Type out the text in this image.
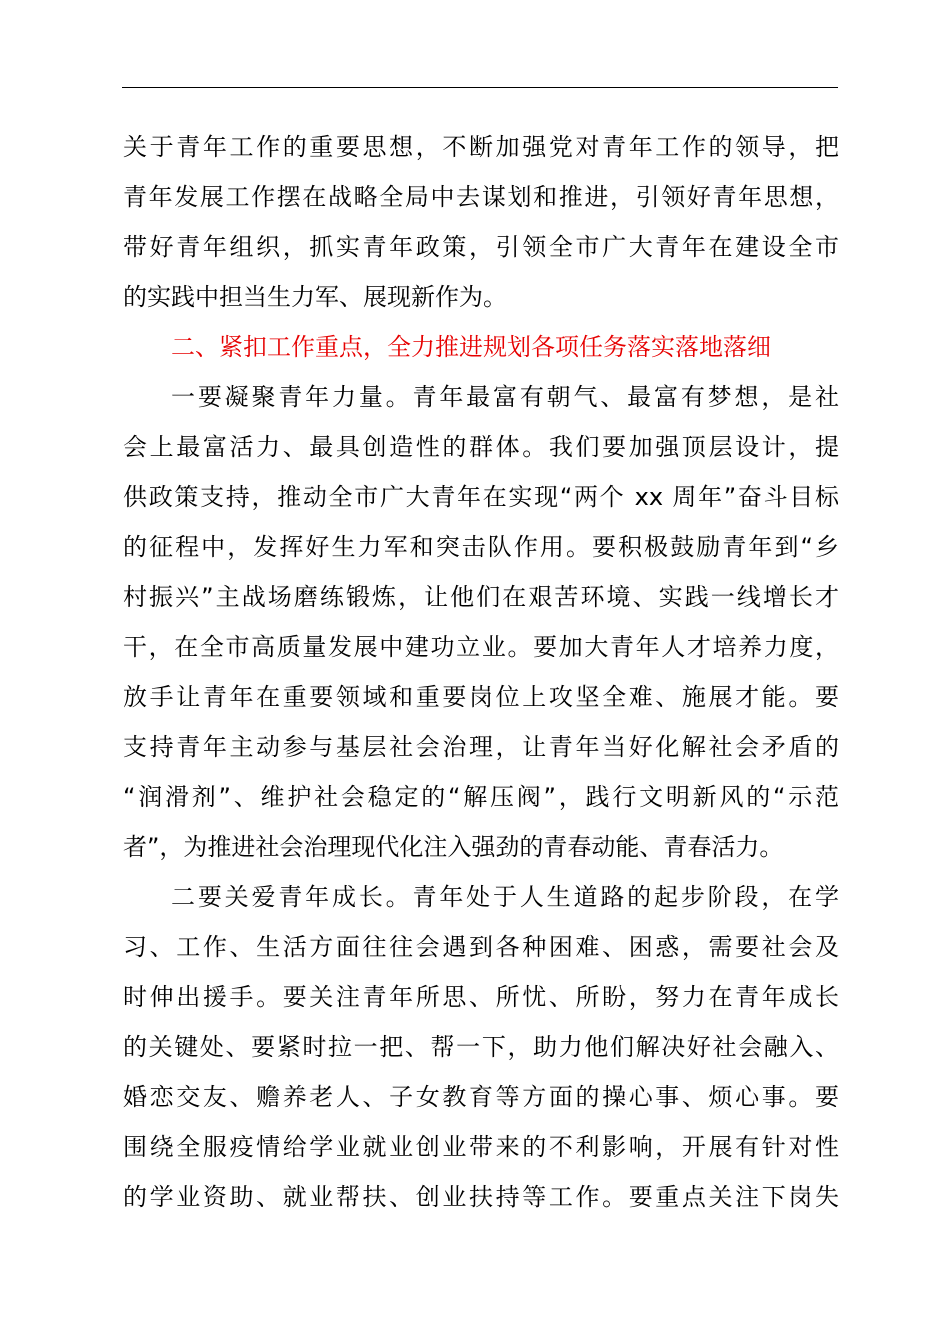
关于青年工作的重要思想，不断加强党对青年工作的领导，把
青年发展工作摆在战略全局中去谋划和推进，引领好青年思想，
带好青年组织，抓实青年政策，引领全市广大青年在建设全市
的实践中担当生力军、展现新作为。
二、紧扣工作重点，全力推进规划各项任务落实落地落细
一要凝聚青年力量。青年最富有朝气、最富有梦想，是社
会上最富活力、最具创造性的群体。我们要加强顶层设计，提
供政策支持，推动全市广大青年在实现“两个 xx 周年”奋斗目标
的征程中，发挥好生力军和突击队作用。要积极鼓励青年到“乡
村振兴”主战场磨练锻炼，让他们在艰苦环境、实践一线增长才
干，在全市高质量发展中建功立业。要加大青年人才培养力度，
放手让青年在重要领域和重要岗位上攻坚全难、施展才能。要
支持青年主动参与基层社会治理，让青年当好化解社会矛盾的
“润滑剂”、维护社会稳定的“解压阀”，践行文明新风的“示范
者”，为推进社会治理现代化注入强劲的青春动能、青春活力。
二要关爱青年成长。青年处于人生道路的起步阶段，在学
习、工作、生活方面往往会遇到各种困难、困惑，需要社会及
时伸出援手。要关注青年所思、所忧、所盼，努力在青年成长
的关键处、要紧时拉一把、帮一下，助力他们解决好社会融入、
婚恋交友、赡养老人、子女教育等方面的操心事、烦心事。要
围绕全服疫情给学业就业创业带来的不利影响，开展有针对性
的学业资助、就业帮扶、创业扶持等工作。要重点关注下岗失
